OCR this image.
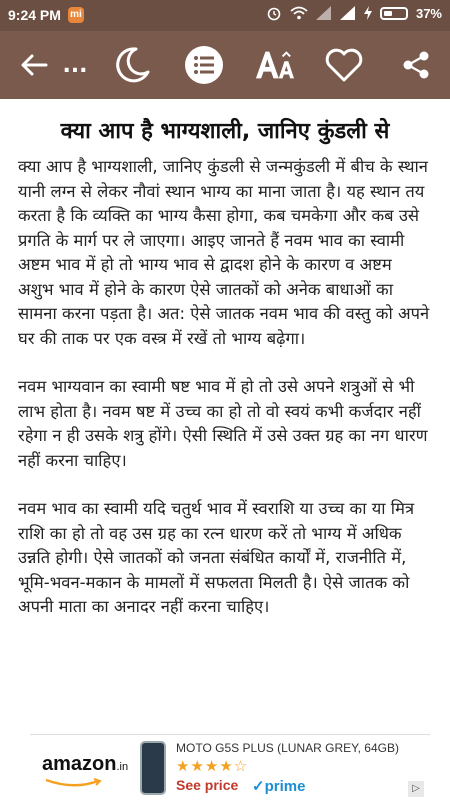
9:24 PM mi	37%
...
क्या आप है भाग्यशाली, जानिए कुंडली से
क्या आप है भाग्यशाली, जानिए कुंडली से जन्मकुंडली में बीच के स्थान यानी लग्न से लेकर नौवां स्थान भाग्य का माना जाता है। यह स्थान तय करता है कि व्यक्ति का भाग्य कैसा होगा, कब चमकेगा और कब उसे प्रगति के मार्ग पर ले जाएगा। आइए जानते हैं नवम भाव का स्वामी अष्टम भाव में हो तो भाग्य भाव से द्वादश होने के कारण व अष्टम अशुभ भाव में होने के कारण ऐसे जातकों को अनेक बाधाओं का सामना करना पड़ता है। अत: ऐसे जातक नवम भाव की वस्तु को अपने घर की ताक पर एक वस्त्र में रखें तो भाग्य बढ़ेगा।
नवम भाग्यवान का स्वामी षष्ट भाव में हो तो उसे अपने शत्रुओं से भी लाभ होता है। नवम षष्ट में उच्च का हो तो वो स्वयं कभी कर्जदार नहीं रहेगा न ही उसके शत्रु होंगे। ऐसी स्थिति में उसे उक्त ग्रह का नग धारण नहीं करना चाहिए।
नवम भाव का स्वामी यदि चतुर्थ भाव में स्वराशि या उच्च का या मित्र राशि का हो तो वह उस ग्रह का रत्न धारण करें तो भाग्य में अधिक उन्नति होगी। ऐसे जातकों को जनता संबंधित कार्यों में, राजनीति में, भूमि-भवन-मकान के मामलों में सफलता मिलती है। ऐसे जातक को अपनी माता का अनादर नहीं करना चाहिए।
amazon.in
MOTO G5S PLUS (LUNAR GREY, 64GB)
★★★★☆
See price ✓prime	▷
